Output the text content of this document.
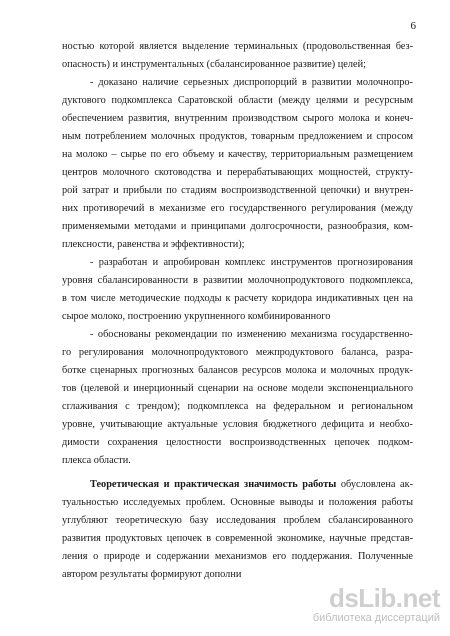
6
ностью которой является выделение терминальных (продовольственная без-
опасность) и инструментальных (сбалансированное развитие) целей;
- доказано наличие серьезных диспропорций в развитии молочнопро-
дуктового подкомплекса Саратовской области (между целями и ресурсным
обеспечением развития, внутренним производством сырого молока и конеч-
ным потреблением молочных продуктов, товарным предложением и спросом
на молоко – сырье по его объему и качеству, территориальным размещением
центров молочного скотоводства и перерабатывающих мощностей, структу-
рой затрат и прибыли по стадиям воспроизводственной цепочки) и внутрен-
них противоречий в механизме его государственного регулирования (между
применяемыми методами и принципами долгосрочности, разнообразия, ком-
плексности, равенства и эффективности);
- разработан и апробирован комплекс инструментов прогнозирования
уровня сбалансированности в развитии молочнопродуктового подкомплекса,
в том числе методические подходы к расчету коридора индикативных цен на
сырое молоко, построению укрупненного комбинированного
- обоснованы рекомендации по изменению механизма государственно-
го регулирования молочнопродуктового межпродуктового баланса, разра-
ботке сценарных прогнозных балансов ресурсов молока и молочных продук-
тов (целевой и инерционный сценарии на основе модели экспоненциального
сглаживания с трендом); подкомплекса на федеральном и региональном
уровне, учитывающие актуальные условия бюджетного дефицита и необхо-
димости сохранения целостности воспроизводственных цепочек подком-
плекса области.

Теоретическая и практическая значимость работы обусловлена ак-
туальностью исследуемых проблем. Основные выводы и положения работы
углубляют теоретическую базу исследования проблем сбалансированного
развития продуктовых цепочек в современной экономике, научные представ-
ления о природе и содержании механизмов его поддержания. Полученные
автором результаты формируют дополни
dsLib.net
библиотека диссертаций
